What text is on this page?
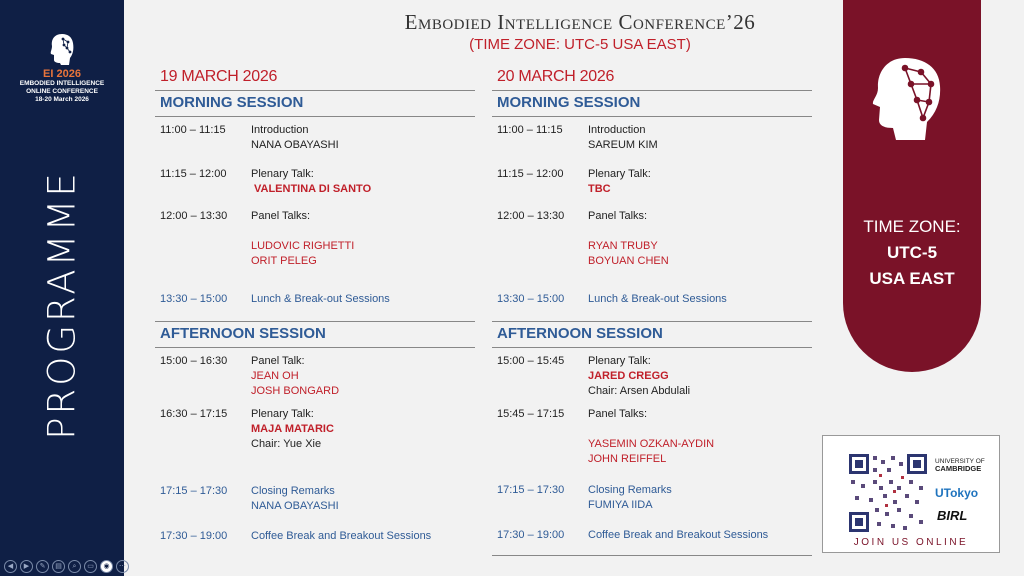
EI 2026
EMBODIED INTELLIGENCE
ONLINE CONFERENCE
18-20 March 2026
PROGRAMME
Embodied Intelligence Conference’26
(TIME ZONE: UTC-5 USA EAST)
19 MARCH 2026
MORNING SESSION
11:00 – 11:15	Introduction
NANA OBAYASHI
11:15 – 12:00	Plenary Talk:
VALENTINA DI SANTO
12:00 – 13:30	Panel Talks:
LUDOVIC RIGHETTI
ORIT PELEG
13:30 – 15:00	Lunch & Break-out Sessions
AFTERNOON SESSION
15:00 – 16:30	Panel Talk:
JEAN OH
JOSH BONGARD
16:30 – 17:15	Plenary Talk:
MAJA MATARIC
Chair: Yue Xie
17:15 – 17:30	Closing Remarks
NANA OBAYASHI
17:30 – 19:00	Coffee Break and Breakout Sessions
20 MARCH 2026
MORNING SESSION
11:00 – 11:15	Introduction
SAREUM KIM
11:15 – 12:00	Plenary Talk:
TBC
12:00 – 13:30	Panel Talks:
RYAN TRUBY
BOYUAN CHEN
13:30 – 15:00	Lunch & Break-out Sessions
AFTERNOON SESSION
15:00 – 15:45	Plenary Talk:
JARED CREGG
Chair: Arsen Abdulali
15:45 – 17:15	Panel Talks:
YASEMIN OZKAN-AYDIN
JOHN REIFFEL
17:15 – 17:30	Closing Remarks
FUMIYA IIDA
17:30 – 19:00	Coffee Break and Breakout Sessions
TIME ZONE:
UTC-5
USA EAST
UNIVERSITY OF
CAMBRIDGE
UTokyo
BIRL
JOIN US ONLINE
◀	▶	✎	▤	⌕	▭	◉	⋯
